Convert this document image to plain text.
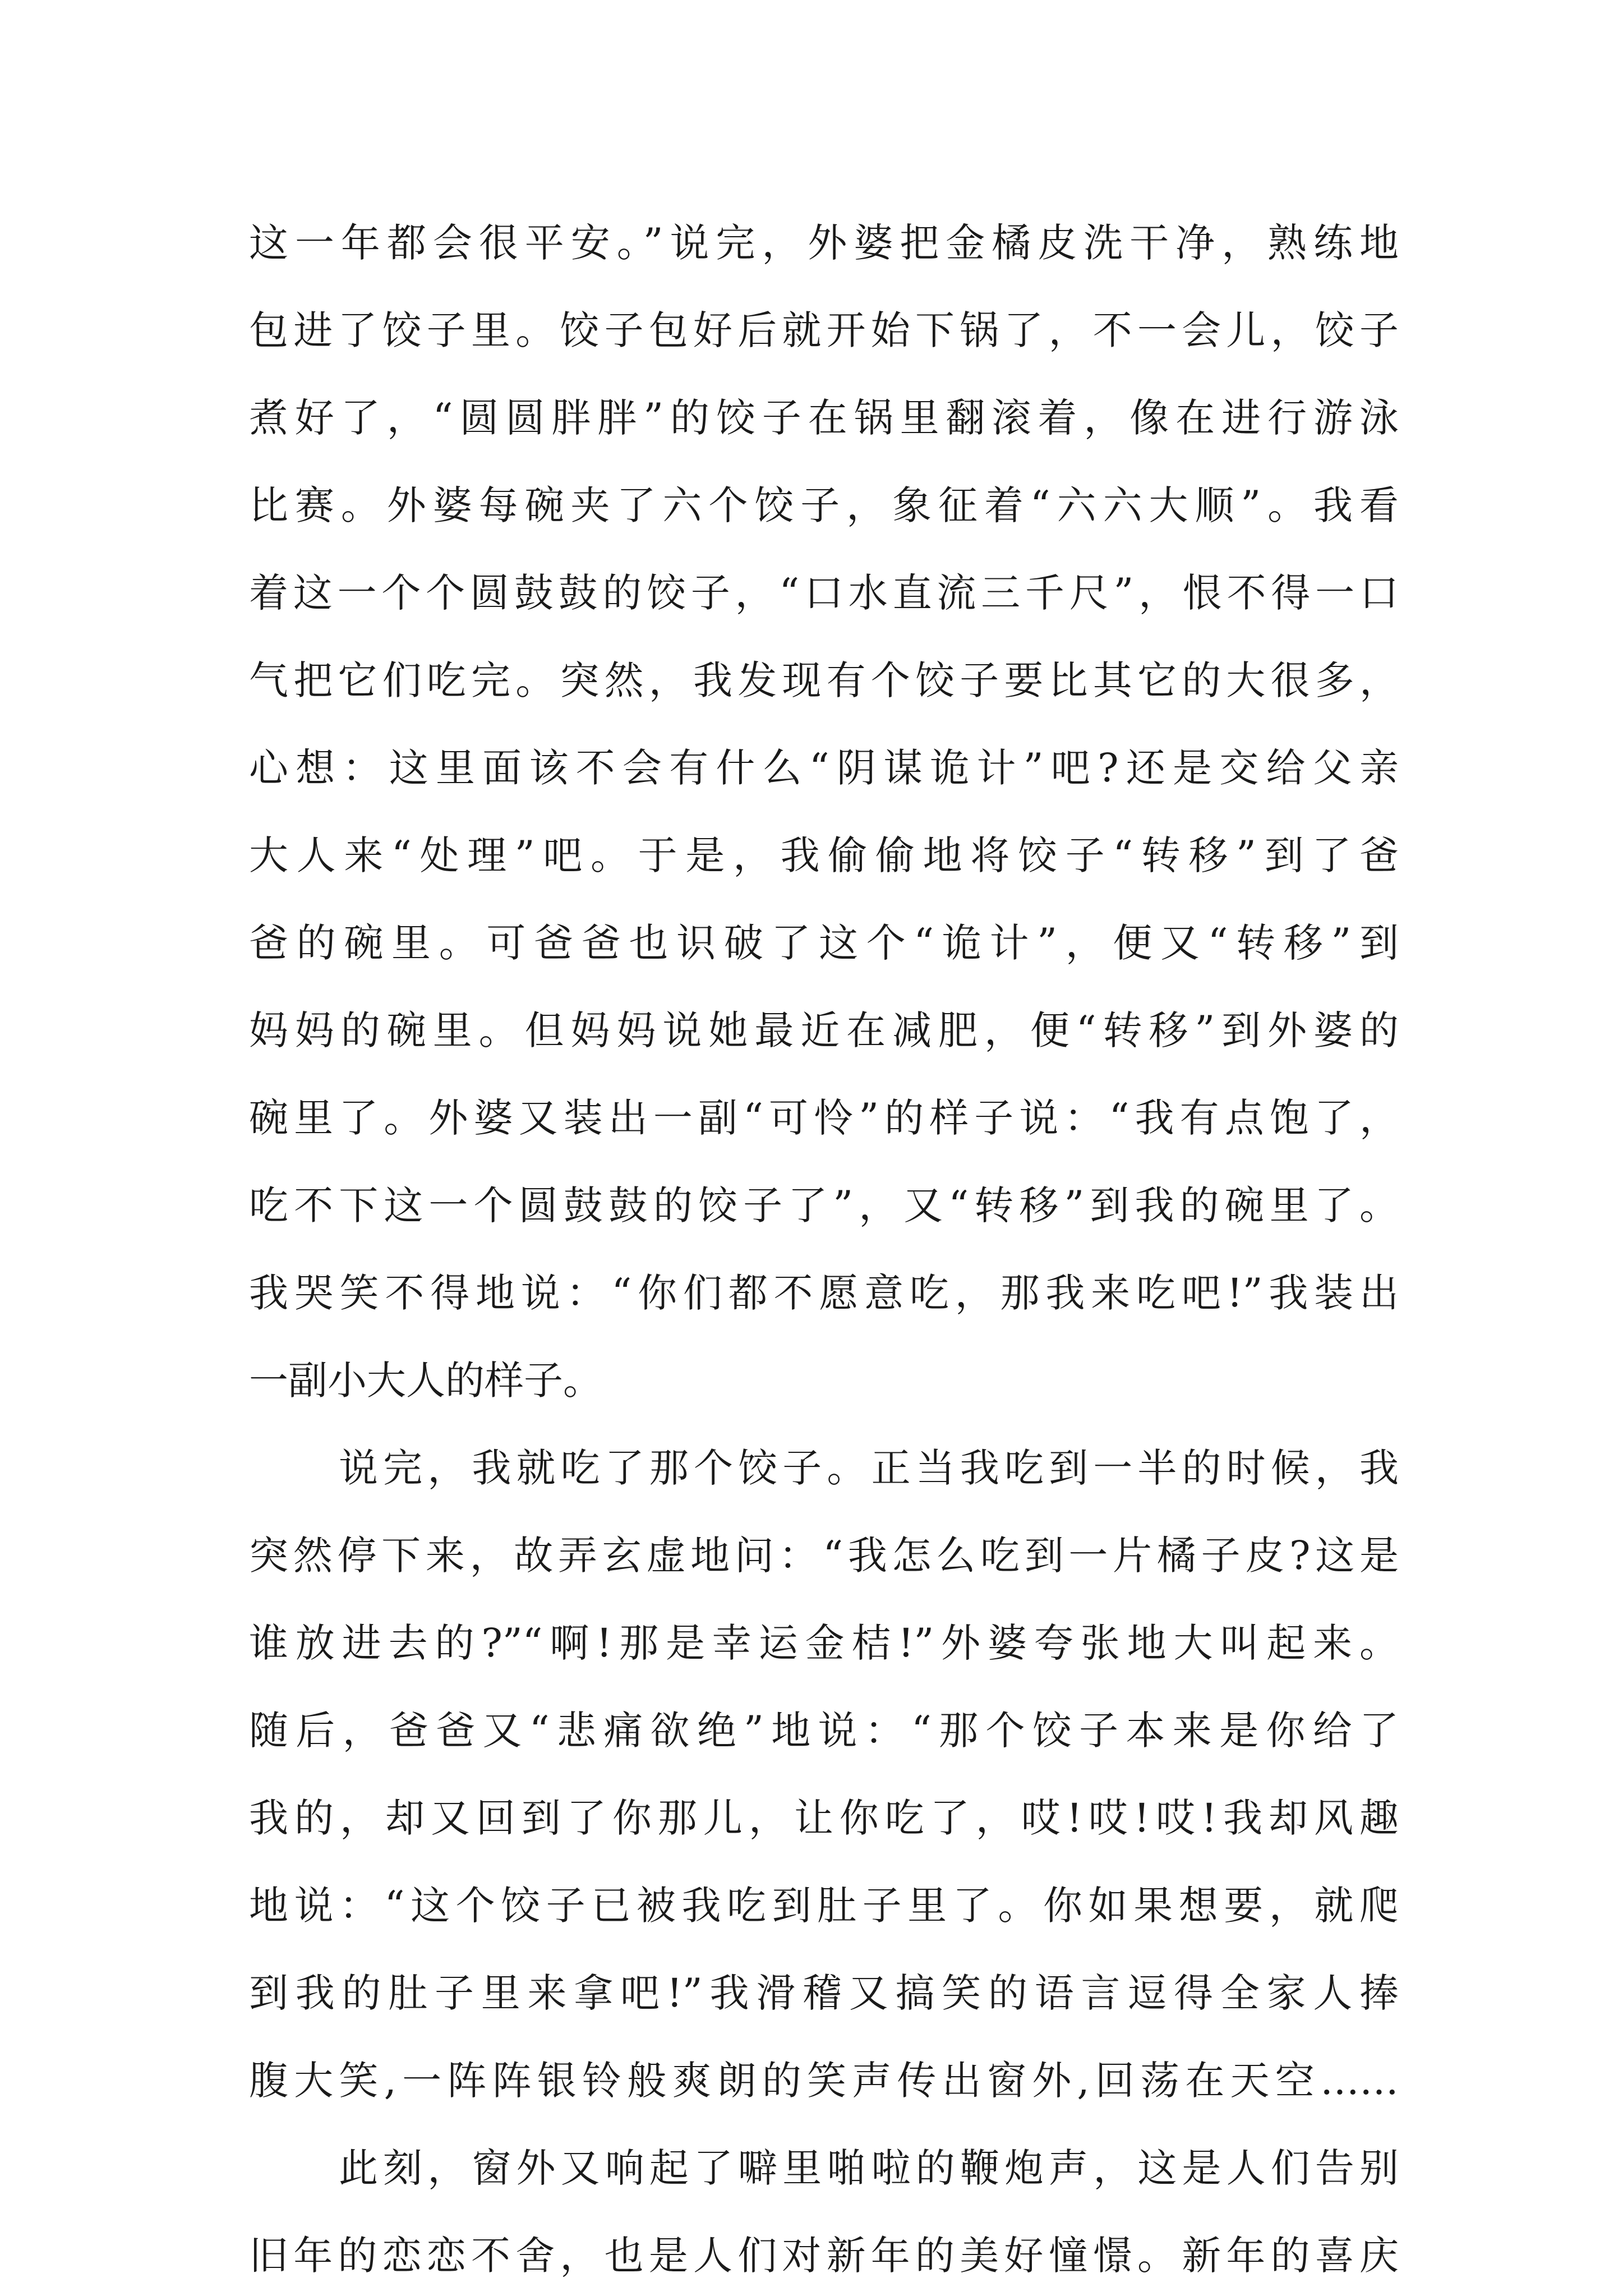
这一年都会很平安。”说完，外婆把金橘皮洗干净，熟练地
包进了饺子里。饺子包好后就开始下锅了，不一会儿，饺子
煮好了，“圆圆胖胖”的饺子在锅里翻滚着，像在进行游泳
比赛。外婆每碗夹了六个饺子，象征着“六六大顺”。我看
着这一个个圆鼓鼓的饺子，“口水直流三千尺”，恨不得一口
气把它们吃完。突然，我发现有个饺子要比其它的大很多，
心想：这里面该不会有什么“阴谋诡计”吧?还是交给父亲
大人来“处理”吧。于是，我偷偷地将饺子“转移”到了爸
爸的碗里。可爸爸也识破了这个“诡计”，便又“转移”到
妈妈的碗里。但妈妈说她最近在减肥，便“转移”到外婆的
碗里了。外婆又装出一副“可怜”的样子说：“我有点饱了，
吃不下这一个圆鼓鼓的饺子了”，又“转移”到我的碗里了。
我哭笑不得地说：“你们都不愿意吃，那我来吃吧!”我装出
一副小大人的样子。
说完，我就吃了那个饺子。正当我吃到一半的时候，我
突然停下来，故弄玄虚地问：“我怎么吃到一片橘子皮?这是
谁放进去的?”“啊!那是幸运金桔!”外婆夸张地大叫起来。
随后，爸爸又“悲痛欲绝”地说：“那个饺子本来是你给了
我的，却又回到了你那儿，让你吃了，哎!哎!哎!我却风趣
地说：“这个饺子已被我吃到肚子里了。你如果想要，就爬
到我的肚子里来拿吧!”我滑稽又搞笑的语言逗得全家人捧
腹大笑,一阵阵银铃般爽朗的笑声传出窗外,回荡在天空……
此刻，窗外又响起了噼里啪啦的鞭炮声，这是人们告别
旧年的恋恋不舍，也是人们对新年的美好憧憬。新年的喜庆
